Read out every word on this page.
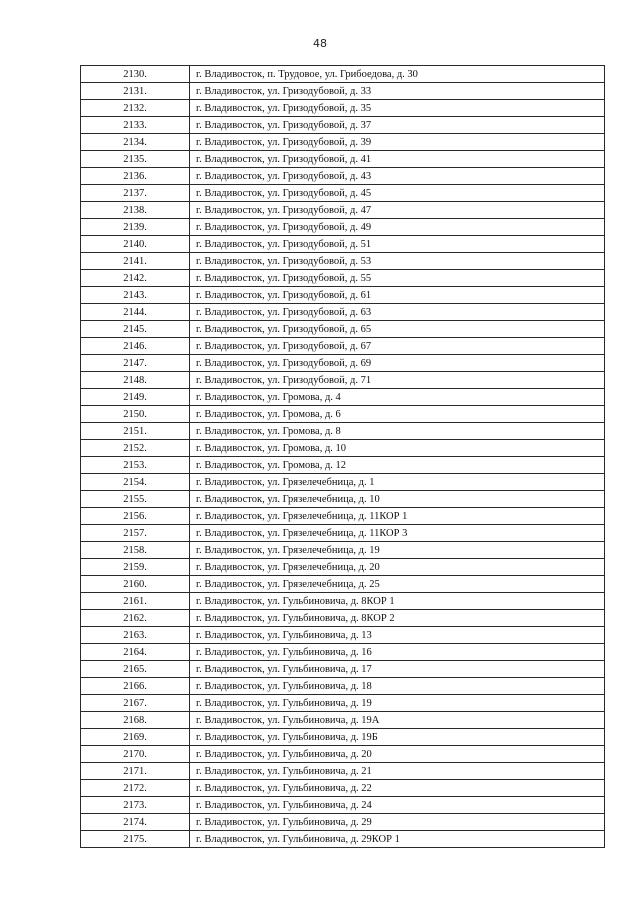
48
2130.	г. Владивосток, п. Трудовое, ул. Грибоедова, д. 30
2131.	г. Владивосток, ул. Гризодубовой, д. 33
2132.	г. Владивосток, ул. Гризодубовой, д. 35
2133.	г. Владивосток, ул. Гризодубовой, д. 37
2134.	г. Владивосток, ул. Гризодубовой, д. 39
2135.	г. Владивосток, ул. Гризодубовой, д. 41
2136.	г. Владивосток, ул. Гризодубовой, д. 43
2137.	г. Владивосток, ул. Гризодубовой, д. 45
2138.	г. Владивосток, ул. Гризодубовой, д. 47
2139.	г. Владивосток, ул. Гризодубовой, д. 49
2140.	г. Владивосток, ул. Гризодубовой, д. 51
2141.	г. Владивосток, ул. Гризодубовой, д. 53
2142.	г. Владивосток, ул. Гризодубовой, д. 55
2143.	г. Владивосток, ул. Гризодубовой, д. 61
2144.	г. Владивосток, ул. Гризодубовой, д. 63
2145.	г. Владивосток, ул. Гризодубовой, д. 65
2146.	г. Владивосток, ул. Гризодубовой, д. 67
2147.	г. Владивосток, ул. Гризодубовой, д. 69
2148.	г. Владивосток, ул. Гризодубовой, д. 71
2149.	г. Владивосток, ул. Громова, д. 4
2150.	г. Владивосток, ул. Громова, д. 6
2151.	г. Владивосток, ул. Громова, д. 8
2152.	г. Владивосток, ул. Громова, д. 10
2153.	г. Владивосток, ул. Громова, д. 12
2154.	г. Владивосток, ул. Грязелечебница, д. 1
2155.	г. Владивосток, ул. Грязелечебница, д. 10
2156.	г. Владивосток, ул. Грязелечебница, д. 11КОР 1
2157.	г. Владивосток, ул. Грязелечебница, д. 11КОР 3
2158.	г. Владивосток, ул. Грязелечебница, д. 19
2159.	г. Владивосток, ул. Грязелечебница, д. 20
2160.	г. Владивосток, ул. Грязелечебница, д. 25
2161.	г. Владивосток, ул. Гульбиновича, д. 8КОР 1
2162.	г. Владивосток, ул. Гульбиновича, д. 8КОР 2
2163.	г. Владивосток, ул. Гульбиновича, д. 13
2164.	г. Владивосток, ул. Гульбиновича, д. 16
2165.	г. Владивосток, ул. Гульбиновича, д. 17
2166.	г. Владивосток, ул. Гульбиновича, д. 18
2167.	г. Владивосток, ул. Гульбиновича, д. 19
2168.	г. Владивосток, ул. Гульбиновича, д. 19А
2169.	г. Владивосток, ул. Гульбиновича, д. 19Б
2170.	г. Владивосток, ул. Гульбиновича, д. 20
2171.	г. Владивосток, ул. Гульбиновича, д. 21
2172.	г. Владивосток, ул. Гульбиновича, д. 22
2173.	г. Владивосток, ул. Гульбиновича, д. 24
2174.	г. Владивосток, ул. Гульбиновича, д. 29
2175.	г. Владивосток, ул. Гульбиновича, д. 29КОР 1
